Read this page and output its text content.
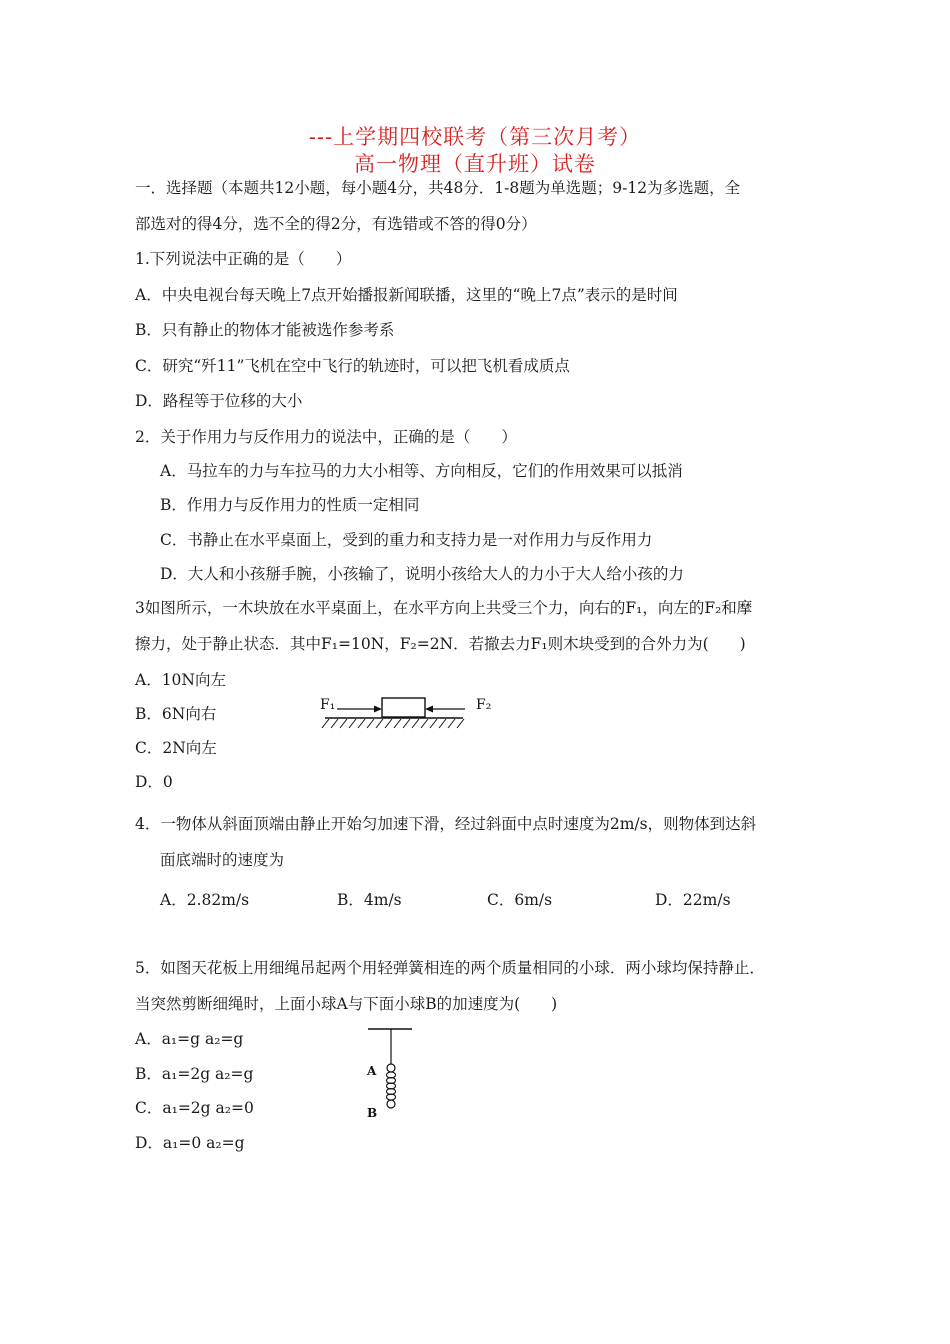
---上学期四校联考（第三次月考）
高一物理（直升班）试卷
一．选择题（本题共12小题，每小题4分，共48分．1-8题为单选题；9-12为多选题，全
部选对的得4分，选不全的得2分，有选错或不答的得0分）
1.下列说法中正确的是（　　）
A．中央电视台每天晚上7点开始播报新闻联播，这里的“晚上7点”表示的是时间
B．只有静止的物体才能被选作参考系
C．研究“歼11”飞机在空中飞行的轨迹时，可以把飞机看成质点
D．路程等于位移的大小
2．关于作用力与反作用力的说法中，正确的是（　　）
A．马拉车的力与车拉马的力大小相等、方向相反，它们的作用效果可以抵消
B．作用力与反作用力的性质一定相同
C．书静止在水平桌面上，受到的重力和支持力是一对作用力与反作用力
D．大人和小孩掰手腕，小孩输了，说明小孩给大人的力小于大人给小孩的力
3如图所示，一木块放在水平桌面上，在水平方向上共受三个力，向右的F₁，向左的F₂和摩
擦力，处于静止状态．其中F₁=10N，F₂=2N．若撤去力F₁则木块受到的合外力为(　　)
A．10N向左
B．6N向右
C．2N向左
D．0
F₁	F₂
4．一物体从斜面顶端由静止开始匀加速下滑，经过斜面中点时速度为2m/s，则物体到达斜
面底端时的速度为
A．2.82m/s	B．4m/s	C．6m/s	D．22m/s
5．如图天花板上用细绳吊起两个用轻弹簧相连的两个质量相同的小球．两小球均保持静止．
当突然剪断细绳时，上面小球A与下面小球B的加速度为(　　)
A．a₁=g a₂=g
B．a₁=2g a₂=g
C．a₁=2g a₂=0
D．a₁=0 a₂=g
A
B
